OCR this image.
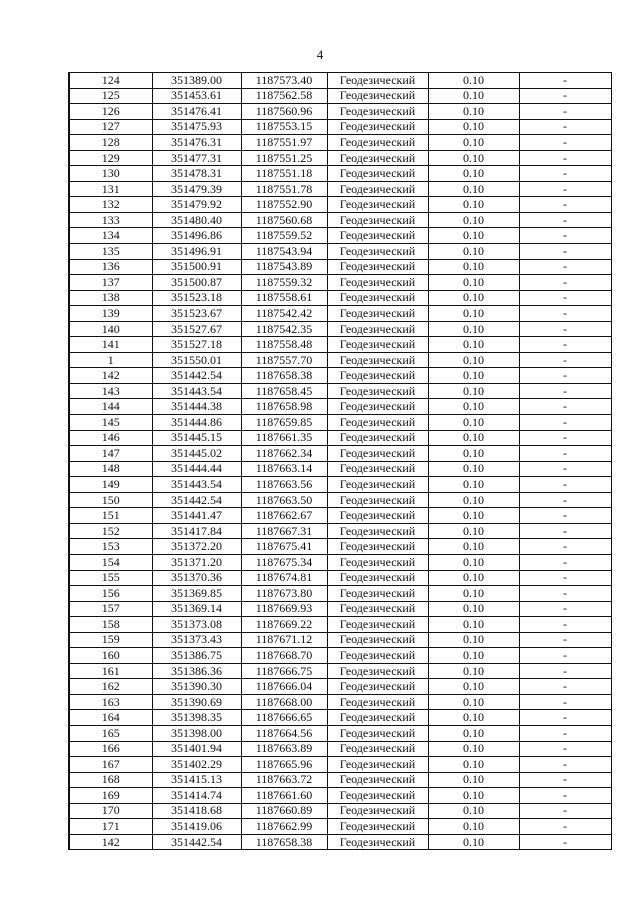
4
124	351389.00	1187573.40	Геодезический	0.10	-
125	351453.61	1187562.58	Геодезический	0.10	-
126	351476.41	1187560.96	Геодезический	0.10	-
127	351475.93	1187553.15	Геодезический	0.10	-
128	351476.31	1187551.97	Геодезический	0.10	-
129	351477.31	1187551.25	Геодезический	0.10	-
130	351478.31	1187551.18	Геодезический	0.10	-
131	351479.39	1187551.78	Геодезический	0.10	-
132	351479.92	1187552.90	Геодезический	0.10	-
133	351480.40	1187560.68	Геодезический	0.10	-
134	351496.86	1187559.52	Геодезический	0.10	-
135	351496.91	1187543.94	Геодезический	0.10	-
136	351500.91	1187543.89	Геодезический	0.10	-
137	351500.87	1187559.32	Геодезический	0.10	-
138	351523.18	1187558.61	Геодезический	0.10	-
139	351523.67	1187542.42	Геодезический	0.10	-
140	351527.67	1187542.35	Геодезический	0.10	-
141	351527.18	1187558.48	Геодезический	0.10	-
1	351550.01	1187557.70	Геодезический	0.10	-
142	351442.54	1187658.38	Геодезический	0.10	-
143	351443.54	1187658.45	Геодезический	0.10	-
144	351444.38	1187658.98	Геодезический	0.10	-
145	351444.86	1187659.85	Геодезический	0.10	-
146	351445.15	1187661.35	Геодезический	0.10	-
147	351445.02	1187662.34	Геодезический	0.10	-
148	351444.44	1187663.14	Геодезический	0.10	-
149	351443.54	1187663.56	Геодезический	0.10	-
150	351442.54	1187663.50	Геодезический	0.10	-
151	351441.47	1187662.67	Геодезический	0.10	-
152	351417.84	1187667.31	Геодезический	0.10	-
153	351372.20	1187675.41	Геодезический	0.10	-
154	351371.20	1187675.34	Геодезический	0.10	-
155	351370.36	1187674.81	Геодезический	0.10	-
156	351369.85	1187673.80	Геодезический	0.10	-
157	351369.14	1187669.93	Геодезический	0.10	-
158	351373.08	1187669.22	Геодезический	0.10	-
159	351373.43	1187671.12	Геодезический	0.10	-
160	351386.75	1187668.70	Геодезический	0.10	-
161	351386.36	1187666.75	Геодезический	0.10	-
162	351390.30	1187666.04	Геодезический	0.10	-
163	351390.69	1187668.00	Геодезический	0.10	-
164	351398.35	1187666.65	Геодезический	0.10	-
165	351398.00	1187664.56	Геодезический	0.10	-
166	351401.94	1187663.89	Геодезический	0.10	-
167	351402.29	1187665.96	Геодезический	0.10	-
168	351415.13	1187663.72	Геодезический	0.10	-
169	351414.74	1187661.60	Геодезический	0.10	-
170	351418.68	1187660.89	Геодезический	0.10	-
171	351419.06	1187662.99	Геодезический	0.10	-
142	351442.54	1187658.38	Геодезический	0.10	-
